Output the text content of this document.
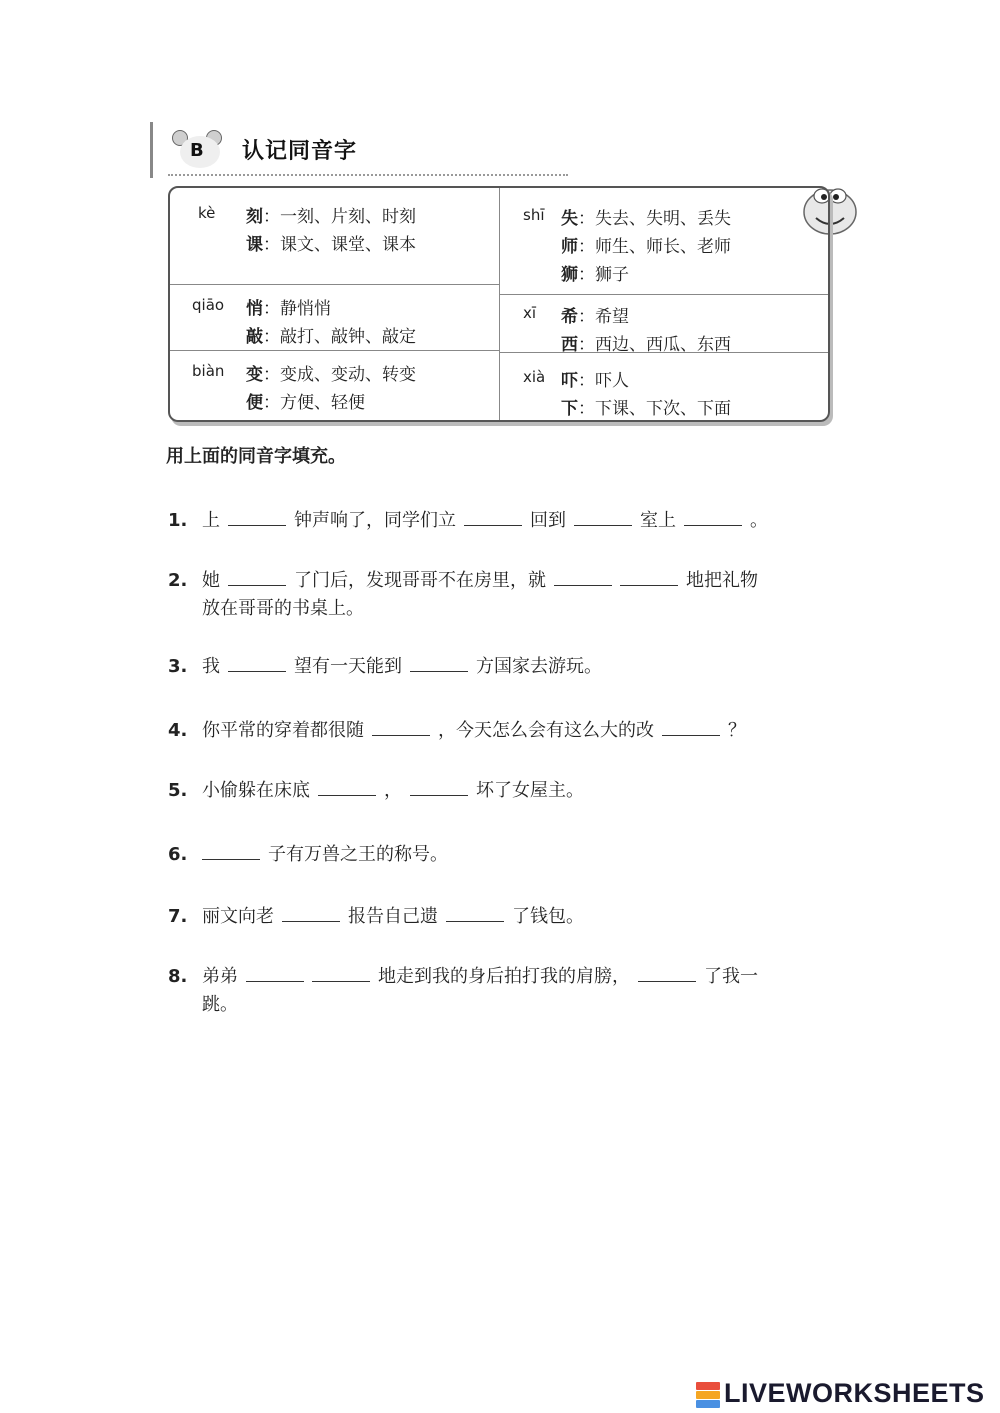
B 认记同音字
kè 刻：一刻、片刻、时刻
课：课文、课堂、课本
shī 失：失去、失明、丢失
师：师生、师长、老师
狮：狮子
qiāo 悄：静悄悄
敲：敲打、敲钟、敲定
xī 希：希望
西：西边、西瓜、东西
biàn 变：变成、变动、转变
便：方便、轻便
xià 吓：吓人
下：下课、下次、下面
用上面的同音字填充。
1. 上	钟声响了，同学们立	回到	室上	。
2. 她	了门后，发现哥哥不在房里，就	地把礼物
放在哥哥的书桌上。
3. 我	望有一天能到	方国家去游玩。
4. 你平常的穿着都很随	，今天怎么会有这么大的改	？
5. 小偷躲在床底	，	坏了女屋主。
6.	子有万兽之王的称号。
7. 丽文向老	报告自己遗	了钱包。
8. 弟弟	地走到我的身后拍打我的肩膀，	了我一
跳。
LIVEWORKSHEETS
